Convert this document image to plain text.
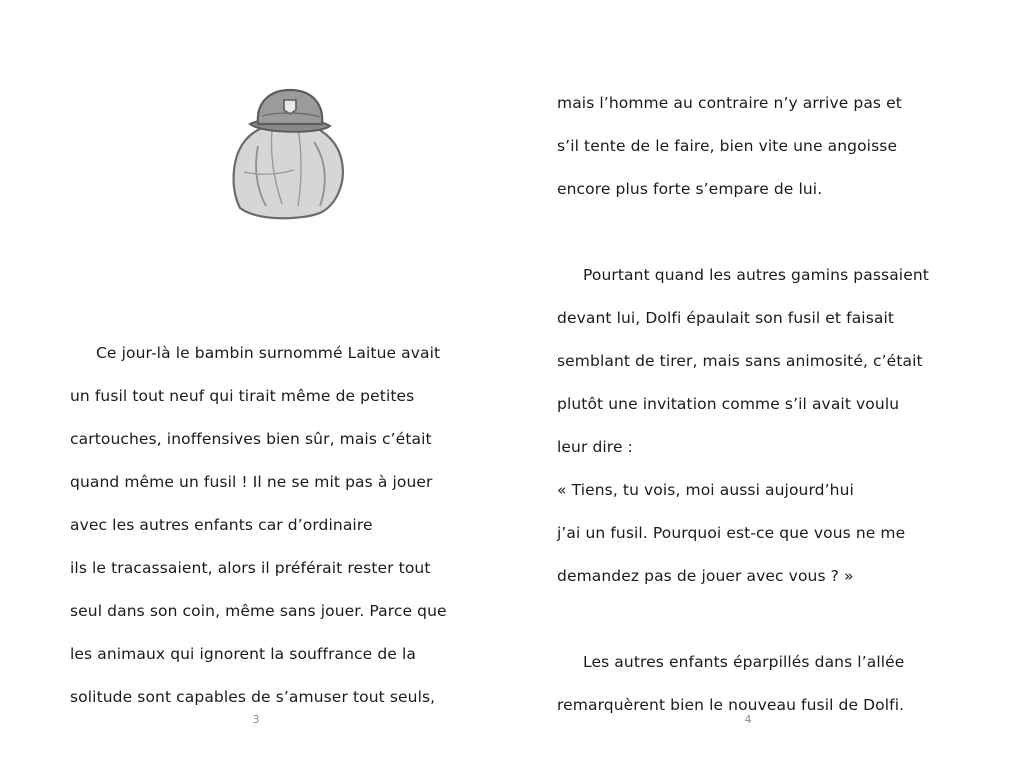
Ce jour-là le bambin surnommé Laitue avait
un fusil tout neuf qui tirait même de petites
cartouches, inoffensives bien sûr, mais c’était
quand même un fusil ! Il ne se mit pas à jouer
avec les autres enfants car d’ordinaire
ils le tracassaient, alors il préférait rester tout
seul dans son coin, même sans jouer. Parce que
les animaux qui ignorent la souffrance de la
solitude sont capables de s’amuser tout seuls,

3

mais l’homme au contraire n’y arrive pas et
s’il tente de le faire, bien vite une angoisse
encore plus forte s’empare de lui.

Pourtant quand les autres gamins passaient
devant lui, Dolfi épaulait son fusil et faisait
semblant de tirer, mais sans animosité, c’était
plutôt une invitation comme s’il avait voulu
leur dire :

« Tiens, tu vois, moi aussi aujourd’hui
j’ai un fusil. Pourquoi est-ce que vous ne me
demandez pas de jouer avec vous ? »

Les autres enfants éparpillés dans l’allée
remarquèrent bien le nouveau fusil de Dolfi.

4
